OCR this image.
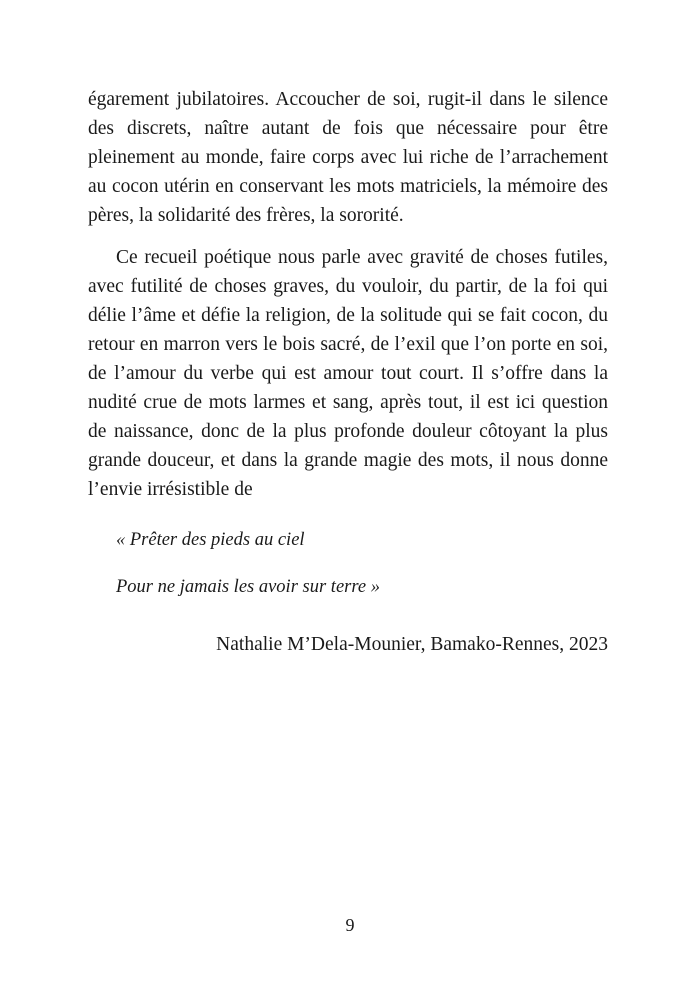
égarement jubilatoires. Accoucher de soi, rugit-il dans le silence des discrets, naître autant de fois que nécessaire pour être pleinement au monde, faire corps avec lui riche de l’arrachement au cocon utérin en conservant les mots matriciels, la mémoire des pères, la solidarité des frères, la sororité.

Ce recueil poétique nous parle avec gravité de choses futiles, avec futilité de choses graves, du vouloir, du partir, de la foi qui délie l’âme et défie la religion, de la solitude qui se fait cocon, du retour en marron vers le bois sacré, de l’exil que l’on porte en soi, de l’amour du verbe qui est amour tout court. Il s’offre dans la nudité crue de mots larmes et sang, après tout, il est ici question de naissance, donc de la plus profonde douleur côtoyant la plus grande douceur, et dans la grande magie des mots, il nous donne l’envie irrésistible de

« Prêter des pieds au ciel

Pour ne jamais les avoir sur terre »

Nathalie M’Dela-Mounier, Bamako-Rennes, 2023
9
